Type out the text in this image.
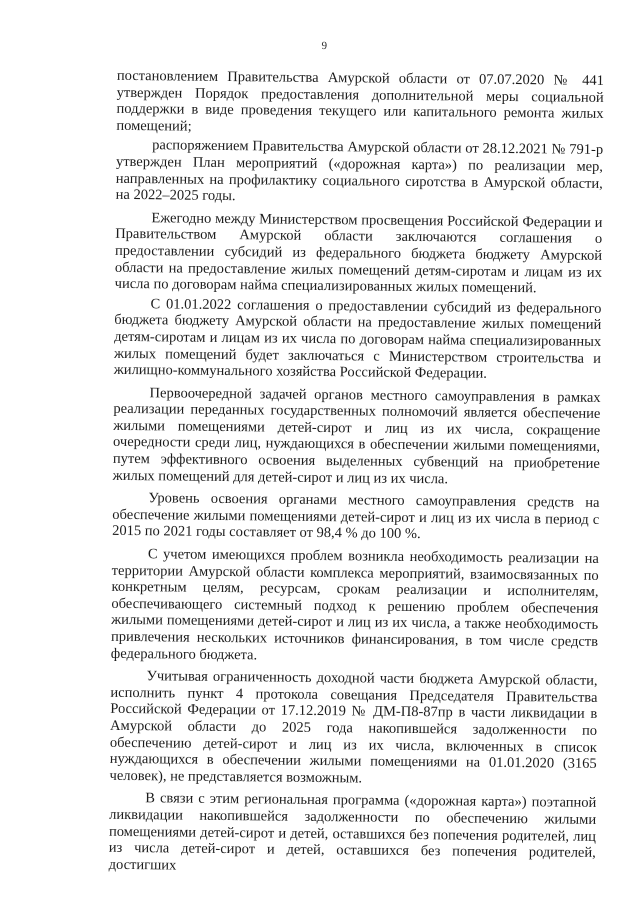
9

постановлением Правительства Амурской области от 07.07.2020 № 441 утвержден Порядок предоставления дополнительной меры социальной поддержки в виде проведения текущего или капитального ремонта жилых помещений;

распоряжением Правительства Амурской области от 28.12.2021 № 791-р утвержден План мероприятий («дорожная карта») по реализации мер, направленных на профилактику социального сиротства в Амурской области, на 2022–2025 годы.

Ежегодно между Министерством просвещения Российской Федерации и Правительством Амурской области заключаются соглашения о предоставлении субсидий из федерального бюджета бюджету Амурской области на предоставление жилых помещений детям-сиротам и лицам из их числа по договорам найма специализированных жилых помещений.

С 01.01.2022 соглашения о предоставлении субсидий из федерального бюджета бюджету Амурской области на предоставление жилых помещений детям-сиротам и лицам из их числа по договорам найма специализированных жилых помещений будет заключаться с Министерством строительства и жилищно-коммунального хозяйства Российской Федерации.

Первоочередной задачей органов местного самоуправления в рамках реализации переданных государственных полномочий является обеспечение жилыми помещениями детей-сирот и лиц из их числа, сокращение очередности среди лиц, нуждающихся в обеспечении жилыми помещениями, путем эффективного освоения выделенных субвенций на приобретение жилых помещений для детей-сирот и лиц из их числа.

Уровень освоения органами местного самоуправления средств на обеспечение жилыми помещениями детей-сирот и лиц из их числа в период с 2015 по 2021 годы составляет от 98,4 % до 100 %.

С учетом имеющихся проблем возникла необходимость реализации на территории Амурской области комплекса мероприятий, взаимосвязанных по конкретным целям, ресурсам, срокам реализации и исполнителям, обеспечивающего системный подход к решению проблем обеспечения жилыми помещениями детей-сирот и лиц из их числа, а также необходимость привлечения нескольких источников финансирования, в том числе средств федерального бюджета.

Учитывая ограниченность доходной части бюджета Амурской области, исполнить пункт 4 протокола совещания Председателя Правительства Российской Федерации от 17.12.2019 № ДМ-П8-87пр в части ликвидации в Амурской области до 2025 года накопившейся задолженности по обеспечению детей-сирот и лиц из их числа, включенных в список нуждающихся в обеспечении жилыми помещениями на 01.01.2020 (3165 человек), не представляется возможным.

В связи с этим региональная программа («дорожная карта») поэтапной ликвидации накопившейся задолженности по обеспечению жилыми помещениями детей-сирот и детей, оставшихся без попечения родителей, лиц из числа детей-сирот и детей, оставшихся без попечения родителей, достигших
